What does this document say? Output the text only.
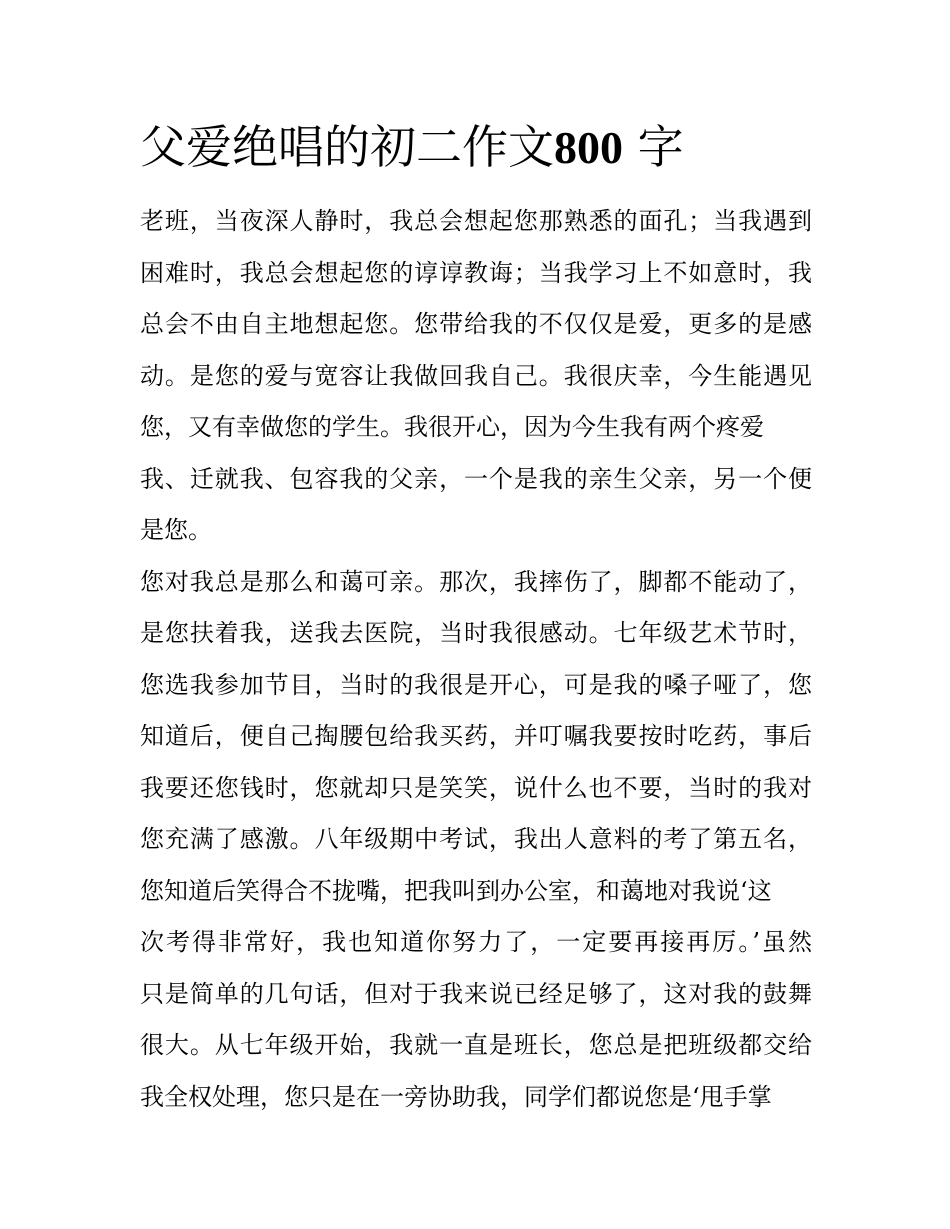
父爱绝唱的初二作文800 字
老班，当夜深人静时，我总会想起您那熟悉的面孔；当我遇到
困难时，我总会想起您的谆谆教诲；当我学习上不如意时，我
总会不由自主地想起您。您带给我的不仅仅是爱，更多的是感
动。是您的爱与宽容让我做回我自己。我很庆幸，今生能遇见
您，又有幸做您的学生。我很开心，因为今生我有两个疼爱
我、迁就我、包容我的父亲，一个是我的亲生父亲，另一个便
是您。
您对我总是那么和蔼可亲。那次，我摔伤了，脚都不能动了，
是您扶着我，送我去医院，当时我很感动。七年级艺术节时，
您选我参加节目，当时的我很是开心，可是我的嗓子哑了，您
知道后，便自己掏腰包给我买药，并叮嘱我要按时吃药，事后
我要还您钱时，您就却只是笑笑，说什么也不要，当时的我对
您充满了感激。八年级期中考试，我出人意料的考了第五名，
您知道后笑得合不拢嘴，把我叫到办公室，和蔼地对我说‘这
次考得非常好，我也知道你努力了，一定要再接再厉。’虽然
只是简单的几句话，但对于我来说已经足够了，这对我的鼓舞
很大。从七年级开始，我就一直是班长，您总是把班级都交给
我全权处理，您只是在一旁协助我，同学们都说您是‘甩手掌
